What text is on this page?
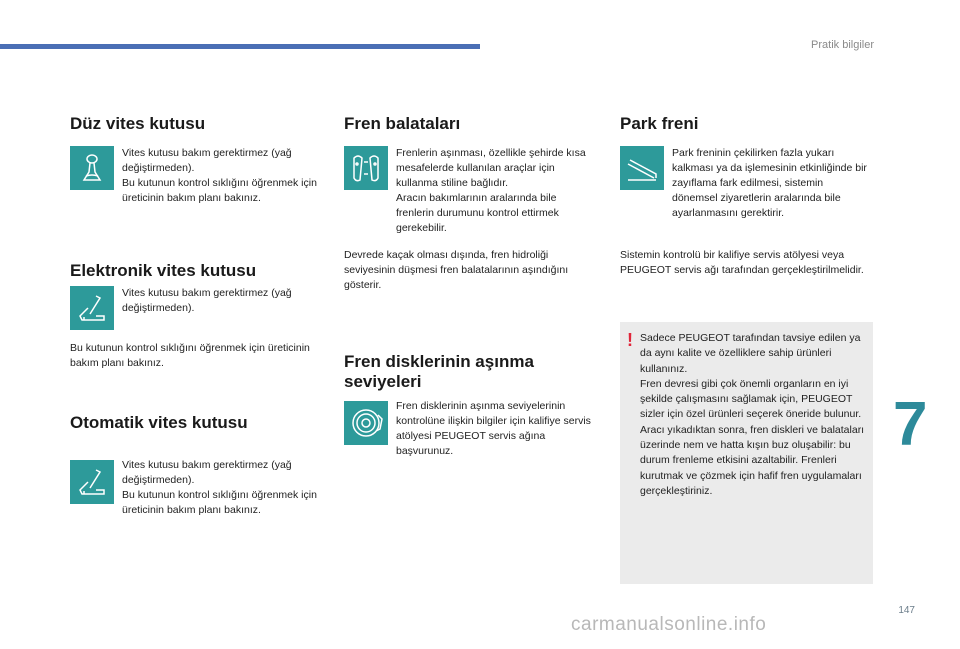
Pratik bilgiler
Düz vites kutusu
Vites kutusu bakım gerektirmez (yağ değiştirmeden).
Bu kutunun kontrol sıklığını öğrenmek için üreticinin bakım planı bakınız.
Elektronik vites kutusu
Vites kutusu bakım gerektirmez (yağ değiştirmeden).
Bu kutunun kontrol sıklığını öğrenmek için üreticinin bakım planı bakınız.
Otomatik vites kutusu
Vites kutusu bakım gerektirmez (yağ değiştirmeden).
Bu kutunun kontrol sıklığını öğrenmek için üreticinin bakım planı bakınız.
Fren balataları
Frenlerin aşınması, özellikle şehirde kısa mesafelerde kullanılan araçlar için kullanma stiline bağlıdır.
Aracın bakımlarının aralarında bile frenlerin durumunu kontrol ettirmek gerekebilir.
Devrede kaçak olması dışında, fren hidroliği seviyesinin düşmesi fren balatalarının aşındığını gösterir.
Fren disklerinin aşınma seviyeleri
Fren disklerinin aşınma seviyelerinin kontrolüne ilişkin bilgiler için kalifiye servis atölyesi PEUGEOT servis ağına başvurunuz.
Park freni
Park freninin çekilirken fazla yukarı kalkması ya da işlemesinin etkinliğinde bir zayıflama fark edilmesi, sistemin dönemsel ziyaretlerin aralarında bile ayarlanmasını gerektirir.
Sistemin kontrolü bir kalifiye servis atölyesi veya PEUGEOT servis ağı tarafından gerçekleştirilmelidir.
! Sadece PEUGEOT tarafından tavsiye edilen ya da aynı kalite ve özelliklere sahip ürünleri kullanınız.
Fren devresi gibi çok önemli organların en iyi şekilde çalışmasını sağlamak için, PEUGEOT sizler için özel ürünleri seçerek öneride bulunur.
Aracı yıkadıktan sonra, fren diskleri ve balataları üzerinde nem ve hatta kışın buz oluşabilir: bu durum frenleme etkisini azaltabilir. Frenleri kurutmak ve çözmek için hafif fren uygulamaları gerçekleştiriniz.
7
147
carmanualsonline.info
